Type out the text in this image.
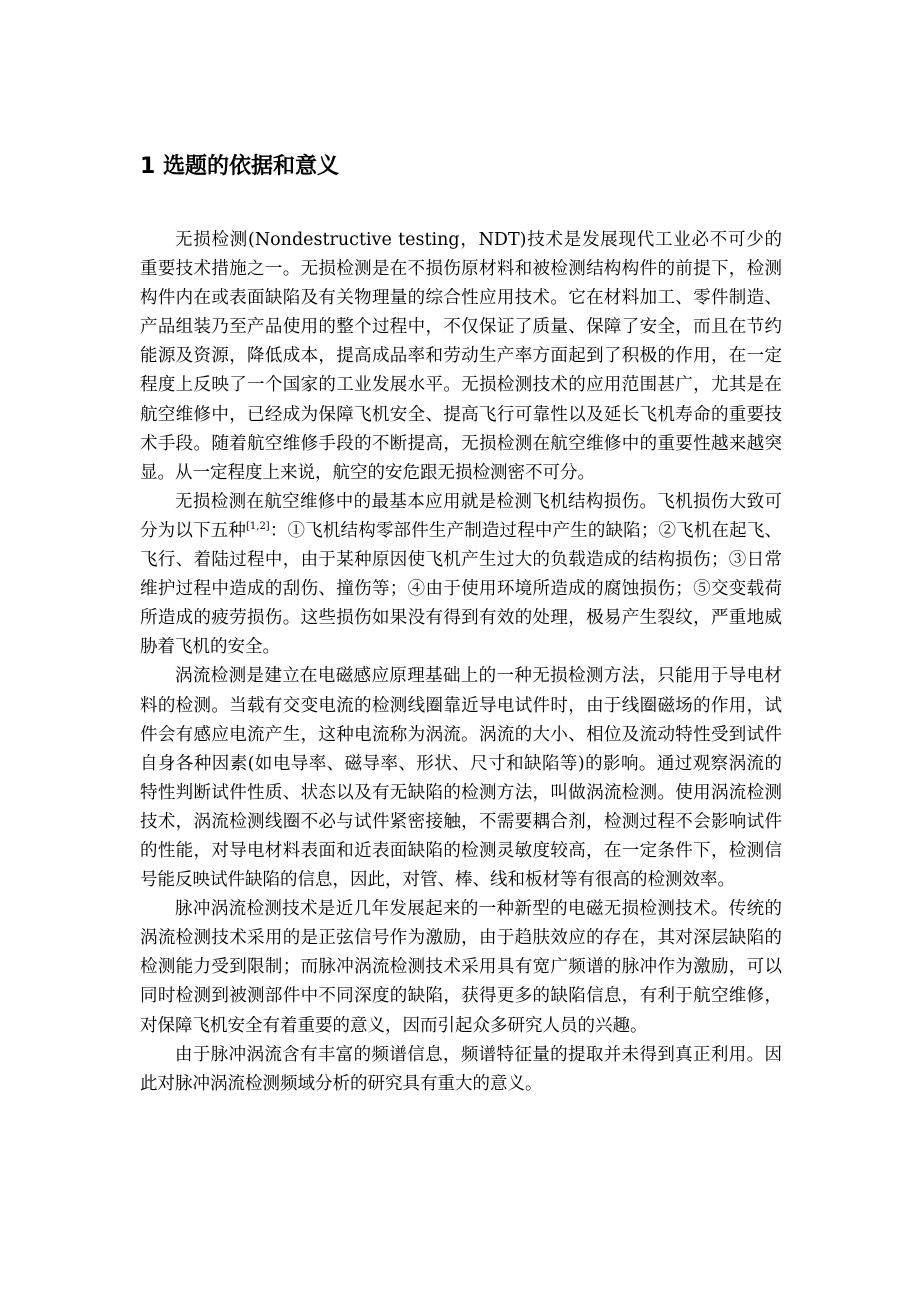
1 选题的依据和意义

无损检测(Nondestructive testing，NDT)技术是发展现代工业必不可少的重要技术措施之一。无损检测是在不损伤原材料和被检测结构构件的前提下，检测构件内在或表面缺陷及有关物理量的综合性应用技术。它在材料加工、零件制造、产品组装乃至产品使用的整个过程中，不仅保证了质量、保障了安全，而且在节约能源及资源，降低成本，提高成品率和劳动生产率方面起到了积极的作用，在一定程度上反映了一个国家的工业发展水平。无损检测技术的应用范围甚广，尤其是在航空维修中，已经成为保障飞机安全、提高飞行可靠性以及延长飞机寿命的重要技术手段。随着航空维修手段的不断提高，无损检测在航空维修中的重要性越来越突显。从一定程度上来说，航空的安危跟无损检测密不可分。

无损检测在航空维修中的最基本应用就是检测飞机结构损伤。飞机损伤大致可分为以下五种[1,2]：①飞机结构零部件生产制造过程中产生的缺陷；②飞机在起飞、飞行、着陆过程中，由于某种原因使飞机产生过大的负载造成的结构损伤；③日常维护过程中造成的刮伤、撞伤等；④由于使用环境所造成的腐蚀损伤；⑤交变载荷所造成的疲劳损伤。这些损伤如果没有得到有效的处理，极易产生裂纹，严重地威胁着飞机的安全。

涡流检测是建立在电磁感应原理基础上的一种无损检测方法，只能用于导电材料的检测。当载有交变电流的检测线圈靠近导电试件时，由于线圈磁场的作用，试件会有感应电流产生，这种电流称为涡流。涡流的大小、相位及流动特性受到试件自身各种因素(如电导率、磁导率、形状、尺寸和缺陷等)的影响。通过观察涡流的特性判断试件性质、状态以及有无缺陷的检测方法，叫做涡流检测。使用涡流检测技术，涡流检测线圈不必与试件紧密接触，不需要耦合剂，检测过程不会影响试件的性能，对导电材料表面和近表面缺陷的检测灵敏度较高，在一定条件下，检测信号能反映试件缺陷的信息，因此，对管、棒、线和板材等有很高的检测效率。

脉冲涡流检测技术是近几年发展起来的一种新型的电磁无损检测技术。传统的涡流检测技术采用的是正弦信号作为激励，由于趋肤效应的存在，其对深层缺陷的检测能力受到限制；而脉冲涡流检测技术采用具有宽广频谱的脉冲作为激励，可以同时检测到被测部件中不同深度的缺陷，获得更多的缺陷信息，有利于航空维修，对保障飞机安全有着重要的意义，因而引起众多研究人员的兴趣。

由于脉冲涡流含有丰富的频谱信息，频谱特征量的提取并未得到真正利用。因此对脉冲涡流检测频域分析的研究具有重大的意义。
